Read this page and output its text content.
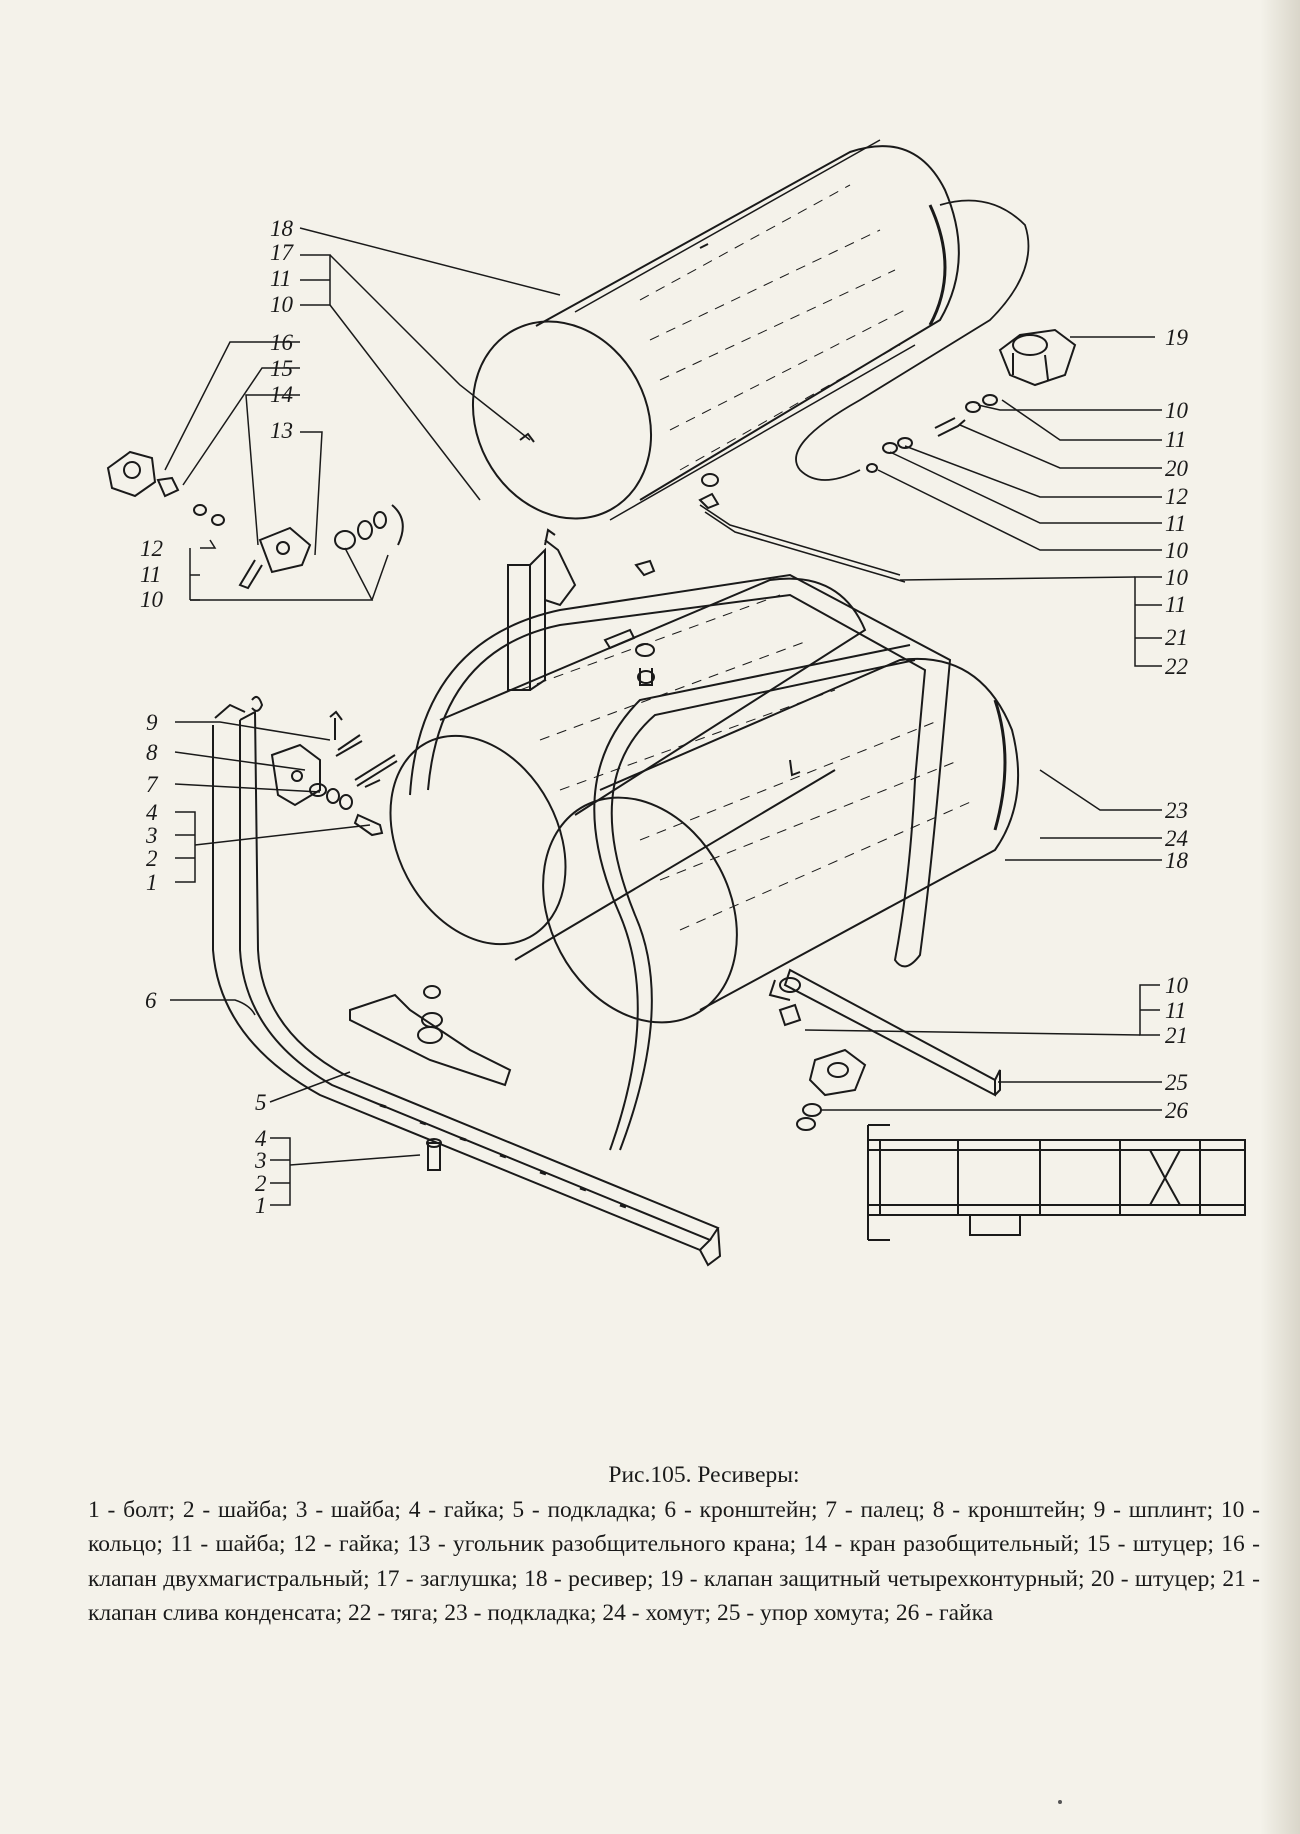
18
17
11
10
16
15
14
13
12
11
10
19
10
11
20
12
11
10
10
11
21
22
9
8
7
4
3
2
1
6
5
4
3
2
1
23
24
18
10
11
21
25
26
Рис.105. Ресиверы:
1 - болт; 2 - шайба; 3 - шайба; 4 - гайка; 5 - подкладка; 6 - кронштейн; 7 - палец; 8 - кронштейн; 9 - шплинт; 10 - кольцо; 11 - шайба; 12 - гайка; 13 - угольник разобщительного крана; 14 - кран разобщительный; 15 - штуцер; 16 - клапан двухмагистральный; 17 - заглушка; 18 - ресивер; 19 - клапан защитный четырехконтурный; 20 - штуцер; 21 - клапан слива конденсата; 22 - тяга; 23 - подкладка; 24 - хомут; 25 - упор хомута; 26 - гайка
